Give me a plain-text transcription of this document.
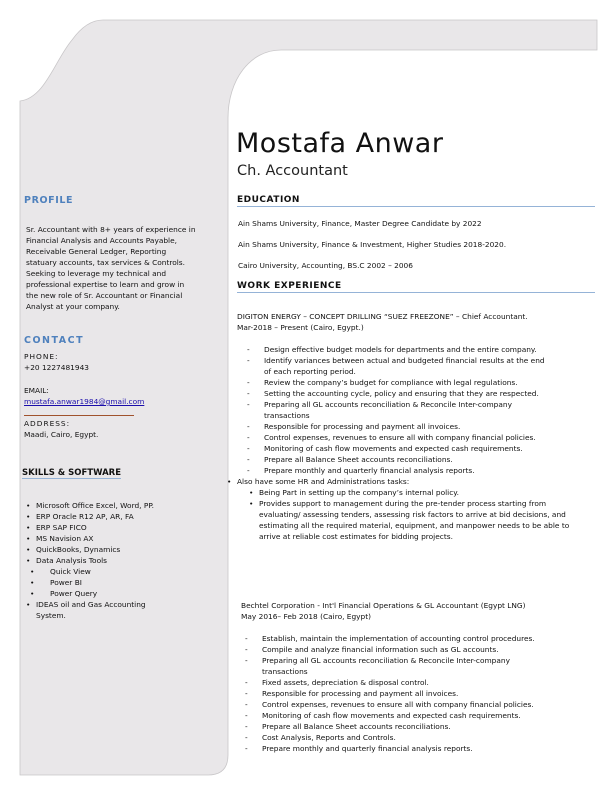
PROFILE
Sr. Accountant with 8+ years of experience in Financial Analysis and Accounts Payable, Receivable General Ledger, Reporting statuary accounts, tax services & Controls. Seeking to leverage my technical and professional expertise to learn and grow in the new role of Sr. Accountant or Financial Analyst at your company.
CONTACT
PHONE:
+20 1227481943
EMAIL:
mustafa.anwar1984@gmail.com
ADDRESS:
Maadi, Cairo, Egypt.
SKILLS & SOFTWARE
• Microsoft Office Excel, Word, PP.
• ERP Oracle R12 AP, AR, FA
• ERP SAP FICO
• MS Navision AX
• QuickBooks, Dynamics
• Data Analysis Tools
• Quick View
• Power BI
• Power Query
• IDEAS oil and Gas Accounting System.
Mostafa Anwar
Ch. Accountant
EDUCATION
Ain Shams University, Finance, Master Degree Candidate by 2022
Ain Shams University, Finance & Investment, Higher Studies 2018-2020.
Cairo University, Accounting, BS.C 2002 – 2006
WORK EXPERIENCE
DIGITON ENERGY – CONCEPT DRILLING “SUEZ FREEZONE” – Chief Accountant.
Mar-2018 – Present (Cairo, Egypt.)
- Design effective budget models for departments and the entire company.
- Identify variances between actual and budgeted financial results at the end of each reporting period.
- Review the company’s budget for compliance with legal regulations.
- Setting the accounting cycle, policy and ensuring that they are respected.
- Preparing all GL accounts reconciliation & Reconcile Inter-company transactions
- Responsible for processing and payment all invoices.
- Control expenses, revenues to ensure all with company financial policies.
- Monitoring of cash flow movements and expected cash requirements.
- Prepare all Balance Sheet accounts reconciliations.
- Prepare monthly and quarterly financial analysis reports.
• Also have some HR and Administrations tasks:
• Being Part in setting up the company’s internal policy.
• Provides support to management during the pre-tender process starting from evaluating/ assessing tenders, assessing risk factors to arrive at bid decisions, and estimating all the required material, equipment, and manpower needs to be able to arrive at reliable cost estimates for bidding projects.
Bechtel Corporation - Int'l Financial Operations & GL Accountant (Egypt LNG)
May 2016– Feb 2018 (Cairo, Egypt)
- Establish, maintain the implementation of accounting control procedures.
- Compile and analyze financial information such as GL accounts.
- Preparing all GL accounts reconciliation & Reconcile Inter-company transactions
- Fixed assets, depreciation & disposal control.
- Responsible for processing and payment all invoices.
- Control expenses, revenues to ensure all with company financial policies.
- Monitoring of cash flow movements and expected cash requirements.
- Prepare all Balance Sheet accounts reconciliations.
- Cost Analysis, Reports and Controls.
- Prepare monthly and quarterly financial analysis reports.
